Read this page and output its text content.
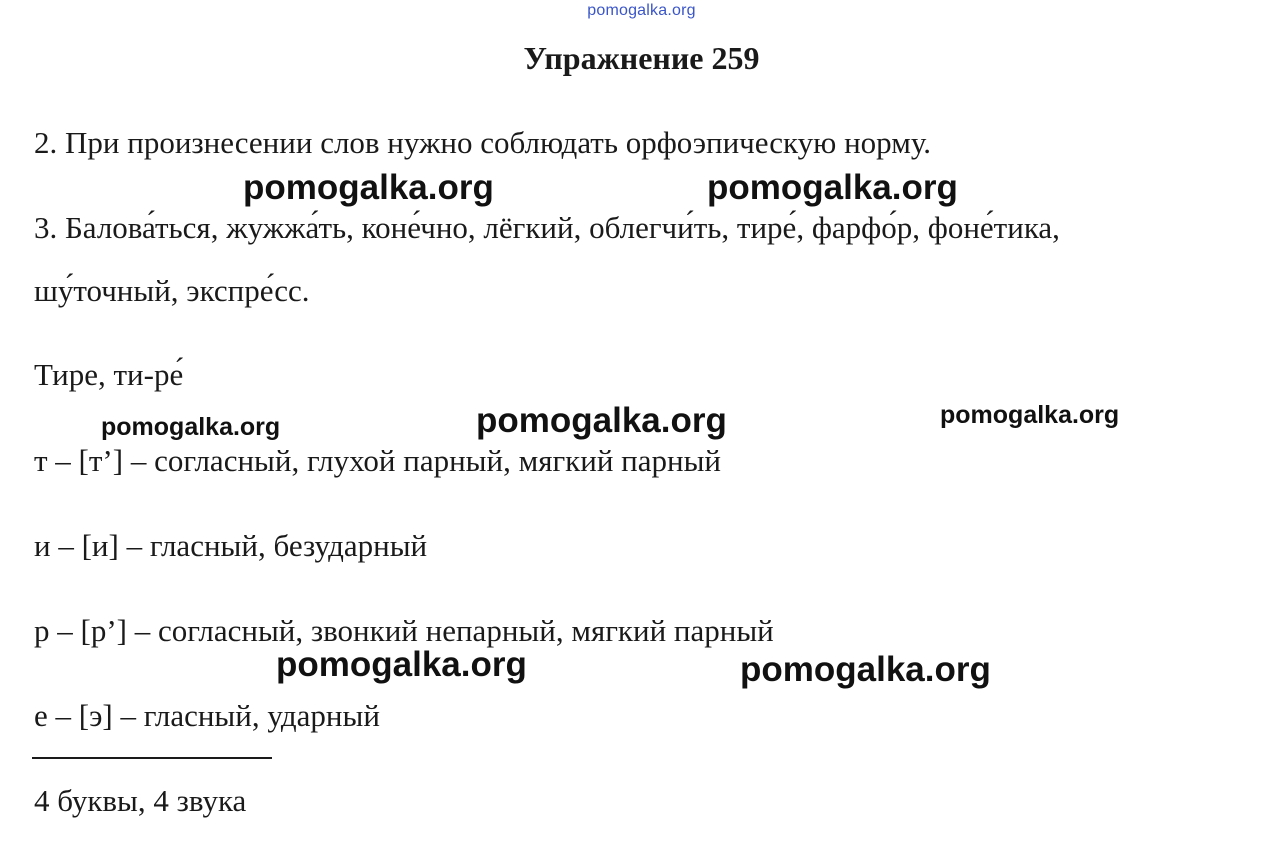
pomogalka.org
Упражнение 259
2. При произнесении слов нужно соблюдать орфоэпическую норму.
3. Балова́ться, жужжа́ть, коне́чно, лёгкий, облегчи́ть, тире́, фарфо́р, фоне́тика,
шу́точный, экспре́сс.
Тире, ти-ре́
т – [т’] – согласный, глухой парный, мягкий парный
и – [и] – гласный, безударный
р – [р’] – согласный, звонкий непарный, мягкий парный
е – [э] – гласный, ударный
4 буквы, 4 звука
pomogalka.org	pomogalka.org
pomogalka.org	pomogalka.org	pomogalka.org
pomogalka.org	pomogalka.org
